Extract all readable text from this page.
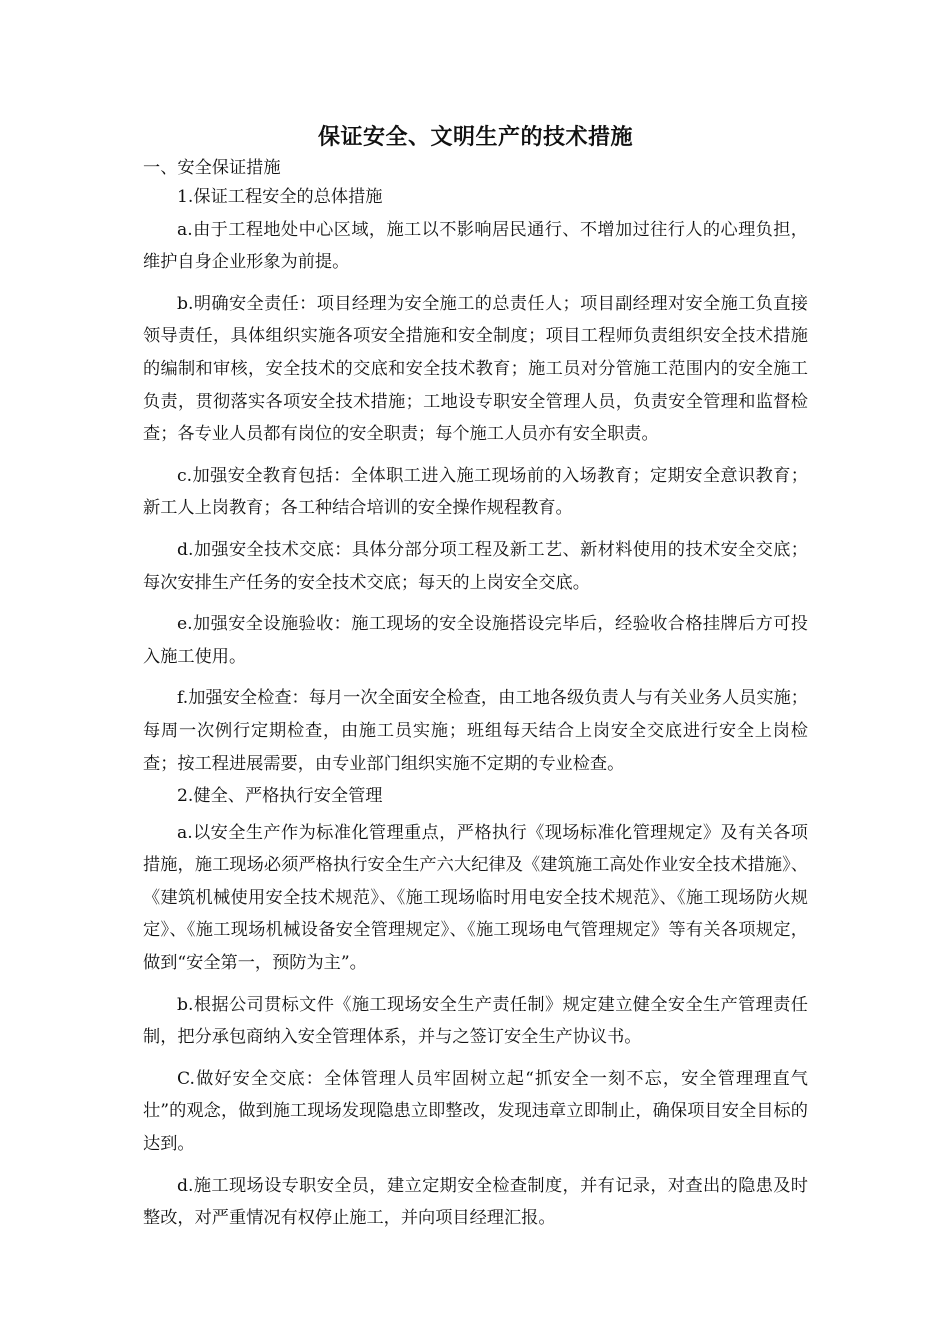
保证安全、文明生产的技术措施

一、安全保证措施

1.保证工程安全的总体措施

a.由于工程地处中心区域，施工以不影响居民通行、不增加过往行人的心理负担，维护自身企业形象为前提。

b.明确安全责任：项目经理为安全施工的总责任人；项目副经理对安全施工负直接领导责任，具体组织实施各项安全措施和安全制度；项目工程师负责组织安全技术措施的编制和审核，安全技术的交底和安全技术教育；施工员对分管施工范围内的安全施工负责，贯彻落实各项安全技术措施；工地设专职安全管理人员，负责安全管理和监督检查；各专业人员都有岗位的安全职责；每个施工人员亦有安全职责。

c.加强安全教育包括：全体职工进入施工现场前的入场教育；定期安全意识教育；新工人上岗教育；各工种结合培训的安全操作规程教育。

d.加强安全技术交底：具体分部分项工程及新工艺、新材料使用的技术安全交底；每次安排生产任务的安全技术交底；每天的上岗安全交底。

e.加强安全设施验收：施工现场的安全设施搭设完毕后，经验收合格挂牌后方可投入施工使用。

f.加强安全检查：每月一次全面安全检查，由工地各级负责人与有关业务人员实施；每周一次例行定期检查，由施工员实施；班组每天结合上岗安全交底进行安全上岗检查；按工程进展需要，由专业部门组织实施不定期的专业检查。

2.健全、严格执行安全管理

a.以安全生产作为标准化管理重点，严格执行《现场标准化管理规定》及有关各项措施，施工现场必须严格执行安全生产六大纪律及《建筑施工高处作业安全技术措施》、《建筑机械使用安全技术规范》、《施工现场临时用电安全技术规范》、《施工现场防火规定》、《施工现场机械设备安全管理规定》、《施工现场电气管理规定》等有关各项规定，做到“安全第一，预防为主”。

b.根据公司贯标文件《施工现场安全生产责任制》规定建立健全安全生产管理责任制，把分承包商纳入安全管理体系，并与之签订安全生产协议书。

C.做好安全交底：全体管理人员牢固树立起“抓安全一刻不忘，安全管理理直气壮”的观念，做到施工现场发现隐患立即整改，发现违章立即制止，确保项目安全目标的达到。

d.施工现场设专职安全员，建立定期安全检查制度，并有记录，对查出的隐患及时整改，对严重情况有权停止施工，并向项目经理汇报。
